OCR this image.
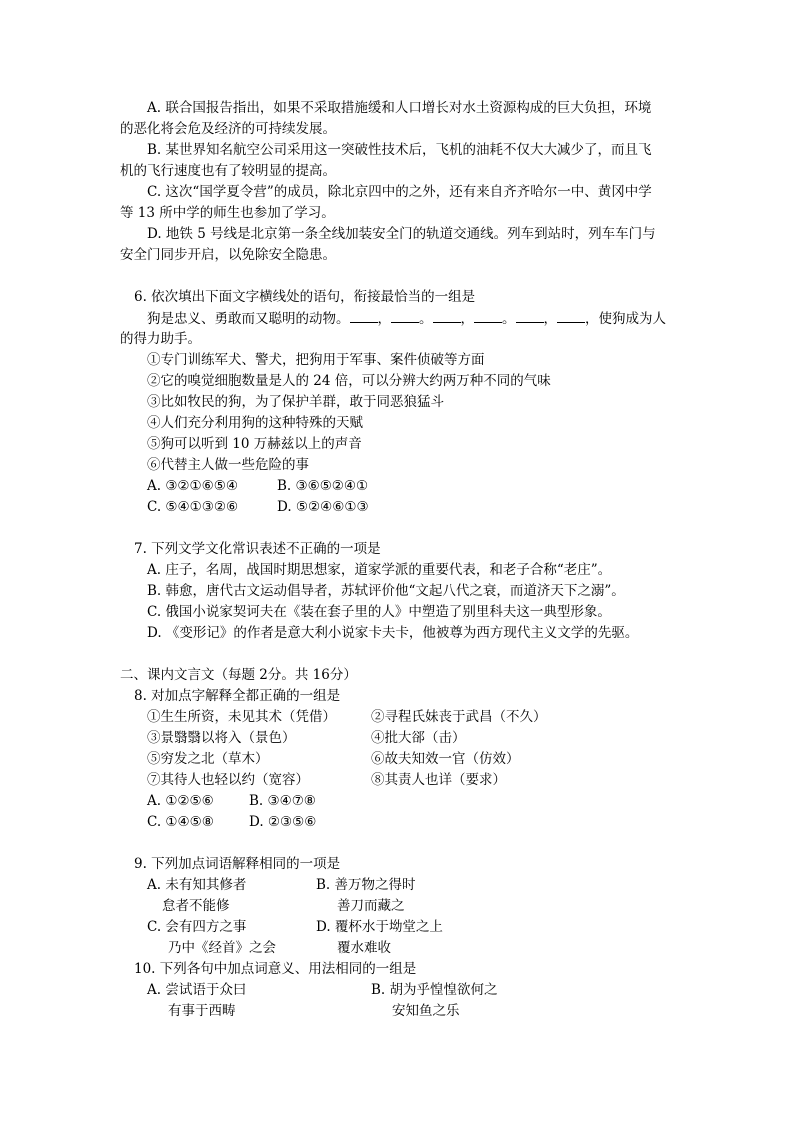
A. 联合国报告指出，如果不采取措施缓和人口增长对水土资源构成的巨大负担，环境
的恶化将会危及经济的可持续发展。
B. 某世界知名航空公司采用这一突破性技术后，飞机的油耗不仅大大减少了，而且飞
机的飞行速度也有了较明显的提高。
C. 这次“国学夏令营”的成员，除北京四中的之外，还有来自齐齐哈尔一中、黄冈中学
等 13 所中学的师生也参加了学习。
D. 地铁 5 号线是北京第一条全线加装安全门的轨道交通线。列车到站时，列车车门与
安全门同步开启，以免除安全隐患。
6. 依次填出下面文字横线处的语句，衔接最恰当的一组是
狗是忠义、勇敢而又聪明的动物。 ， 。 ， 。 ， ，使狗成为人
的得力助手。
①专门训练军犬、警犬，把狗用于军事、案件侦破等方面
②它的嗅觉细胞数量是人的 24 倍，可以分辨大约两万种不同的气味
③比如牧民的狗，为了保护羊群，敢于同恶狼猛斗
④人们充分利用狗的这种特殊的天赋
⑤狗可以听到 10 万赫兹以上的声音
⑥代替主人做一些危险的事
A. ③②①⑥⑤④	B. ③⑥⑤②④①
C. ⑤④①③②⑥	D. ⑤②④⑥①③
7. 下列文学文化常识表述不正确的一项是
A. 庄子，名周，战国时期思想家，道家学派的重要代表，和老子合称“老庄”。
B. 韩愈，唐代古文运动倡导者，苏轼评价他“文起八代之衰，而道济天下之溺”。
C. 俄国小说家契诃夫在《装在套子里的人》中塑造了别里科夫这一典型形象。
D. 《变形记》的作者是意大利小说家卡夫卡，他被尊为西方现代主义文学的先驱。
二、课内文言文（每题 2分。共 16分）
8. 对加点字解释全都正确的一组是
①生生所资，未见其术（凭借）	②寻程氏妹丧于武昌（不久）
③景翳翳以将入（景色）	④批大郤（击）
⑤穷发之北（草木）	⑥故夫知效一官（仿效）
⑦其待人也轻以约（宽容）	⑧其责人也详（要求）
A. ①②⑤⑥	B. ③④⑦⑧
C. ①④⑤⑧	D. ②③⑤⑥
9. 下列加点词语解释相同的一项是
A. 未有知其修者
怠者不能修
B. 善万物之得时
善刀而藏之
C. 会有四方之事
乃中《经首》之会
D. 覆杯水于坳堂之上
覆水难收
10. 下列各句中加点词意义、用法相同的一组是
A. 尝试语于众曰
有事于西畴
B. 胡为乎惶惶欲何之
安知鱼之乐
